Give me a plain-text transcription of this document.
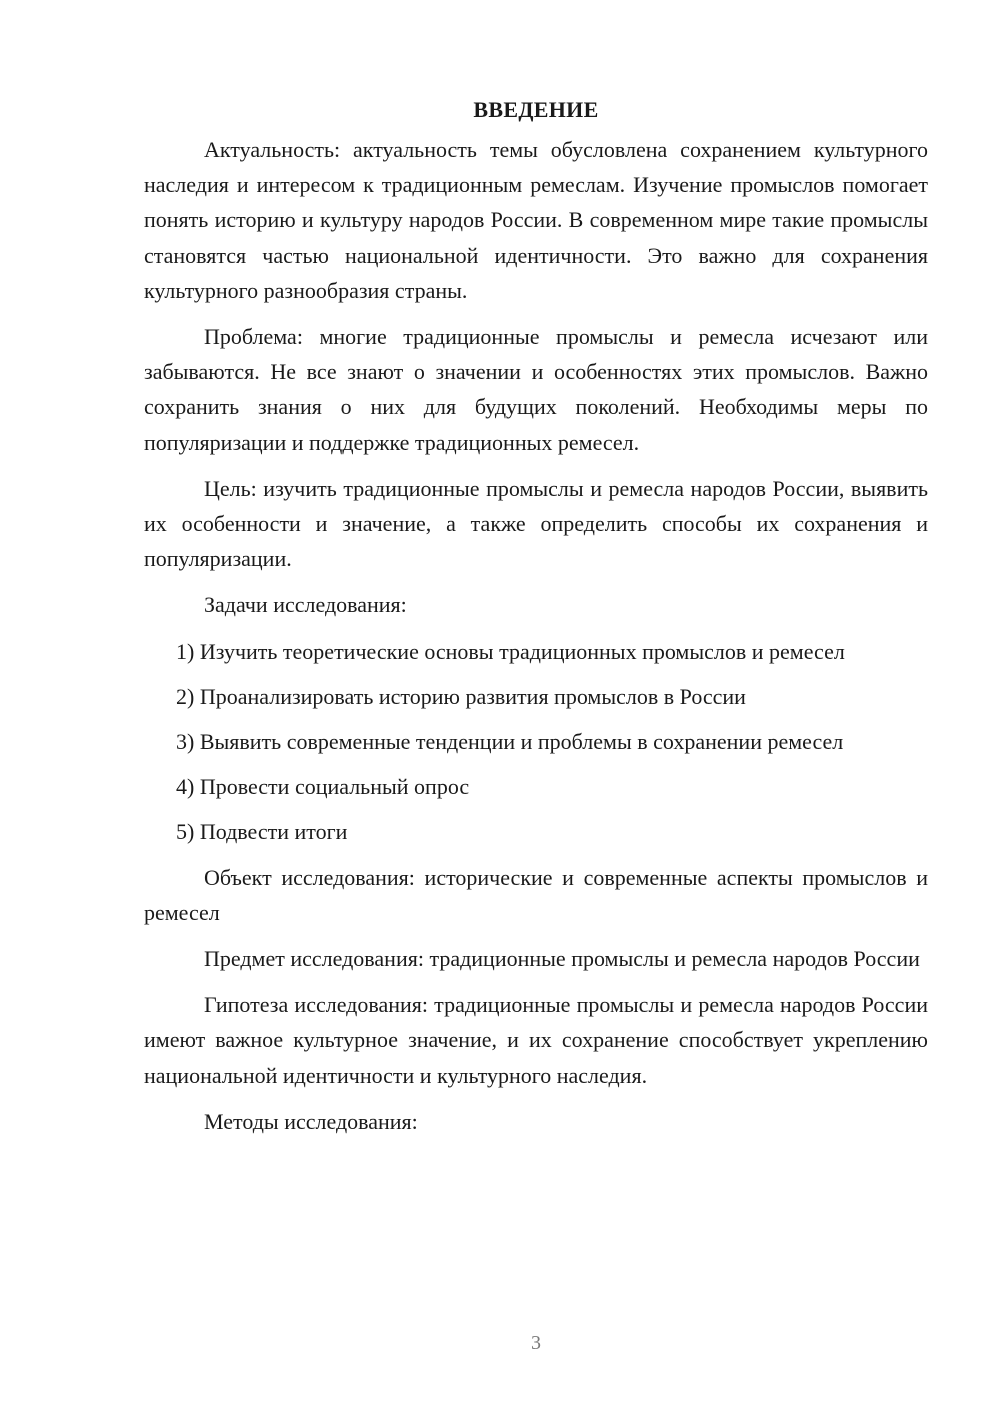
ВВЕДЕНИЕ

Актуальность: актуальность темы обусловлена сохранением культурного наследия и интересом к традиционным ремеслам. Изучение промыслов помогает понять историю и культуру народов России. В современном мире такие промыслы становятся частью национальной идентичности. Это важно для сохранения культурного разнообразия страны.

Проблема: многие традиционные промыслы и ремесла исчезают или забываются. Не все знают о значении и особенностях этих промыслов. Важно сохранить знания о них для будущих поколений. Необходимы меры по популяризации и поддержке традиционных ремесел.

Цель: изучить традиционные промыслы и ремесла народов России, выявить их особенности и значение, а также определить способы их сохранения и популяризации.

Задачи исследования:

1) Изучить теоретические основы традиционных промыслов и ремесел
2) Проанализировать историю развития промыслов в России
3) Выявить современные тенденции и проблемы в сохранении ремесел
4) Провести социальный опрос
5) Подвести итоги

Объект исследования: исторические и современные аспекты промыслов и ремесел

Предмет исследования: традиционные промыслы и ремесла народов России

Гипотеза исследования: традиционные промыслы и ремесла народов России имеют важное культурное значение, и их сохранение способствует укреплению национальной идентичности и культурного наследия.

Методы исследования:

3
